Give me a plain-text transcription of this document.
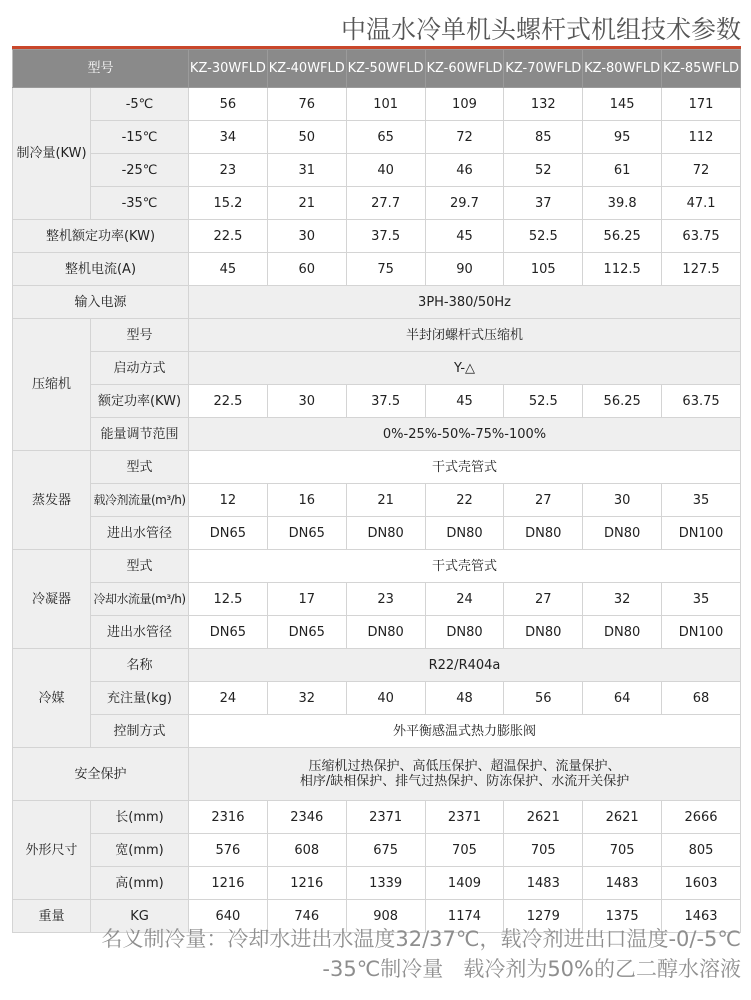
中温水冷单机头螺杆式机组技术参数
型号		KZ-30WFLD	KZ-40WFLD	KZ-50WFLD	KZ-60WFLD	KZ-70WFLD	KZ-80WFLD	KZ-85WFLD
制冷量(KW)	-5℃	56	76	101	109	132	145	171
	-15℃	34	50	65	72	85	95	112
	-25℃	23	31	40	46	52	61	72
	-35℃	15.2	21	27.7	29.7	37	39.8	47.1
整机额定功率(KW)		22.5	30	37.5	45	52.5	56.25	63.75
整机电流(A)		45	60	75	90	105	112.5	127.5
输入电源		3PH-380/50Hz						
压缩机	型号	半封闭螺杆式压缩机						
	启动方式	Y-△						
	额定功率(KW)	22.5	30	37.5	45	52.5	56.25	63.75
	能量调节范围	0%-25%-50%-75%-100%						
蒸发器	型式	干式壳管式						
	载冷剂流量(m³/h)	12	16	21	22	27	30	35
	进出水管径	DN65	DN65	DN80	DN80	DN80	DN80	DN100
冷凝器	型式	干式壳管式						
	冷却水流量(m³/h)	12.5	17	23	24	27	32	35
	进出水管径	DN65	DN65	DN80	DN80	DN80	DN80	DN100
冷媒	名称	R22/R404a						
	充注量(kg)	24	32	40	48	56	64	68
	控制方式	外平衡感温式热力膨胀阀						
安全保护		压缩机过热保护、高低压保护、超温保护、流量保护、
相序/缺相保护、排气过热保护、防冻保护、水流开关保护						

外形尺寸	长(mm)	2316	2346	2371	2371	2621	2621	2666
	宽(mm)	576	608	675	705	705	705	805
	高(mm)	1216	1216	1339	1409	1483	1483	1603
重量	KG	640	746	908	1174	1279	1375	1463
名义制冷量：冷却水进出水温度32/37℃，载冷剂进出口温度-0/-5℃
-35℃制冷量   载冷剂为50%的乙二醇水溶液
